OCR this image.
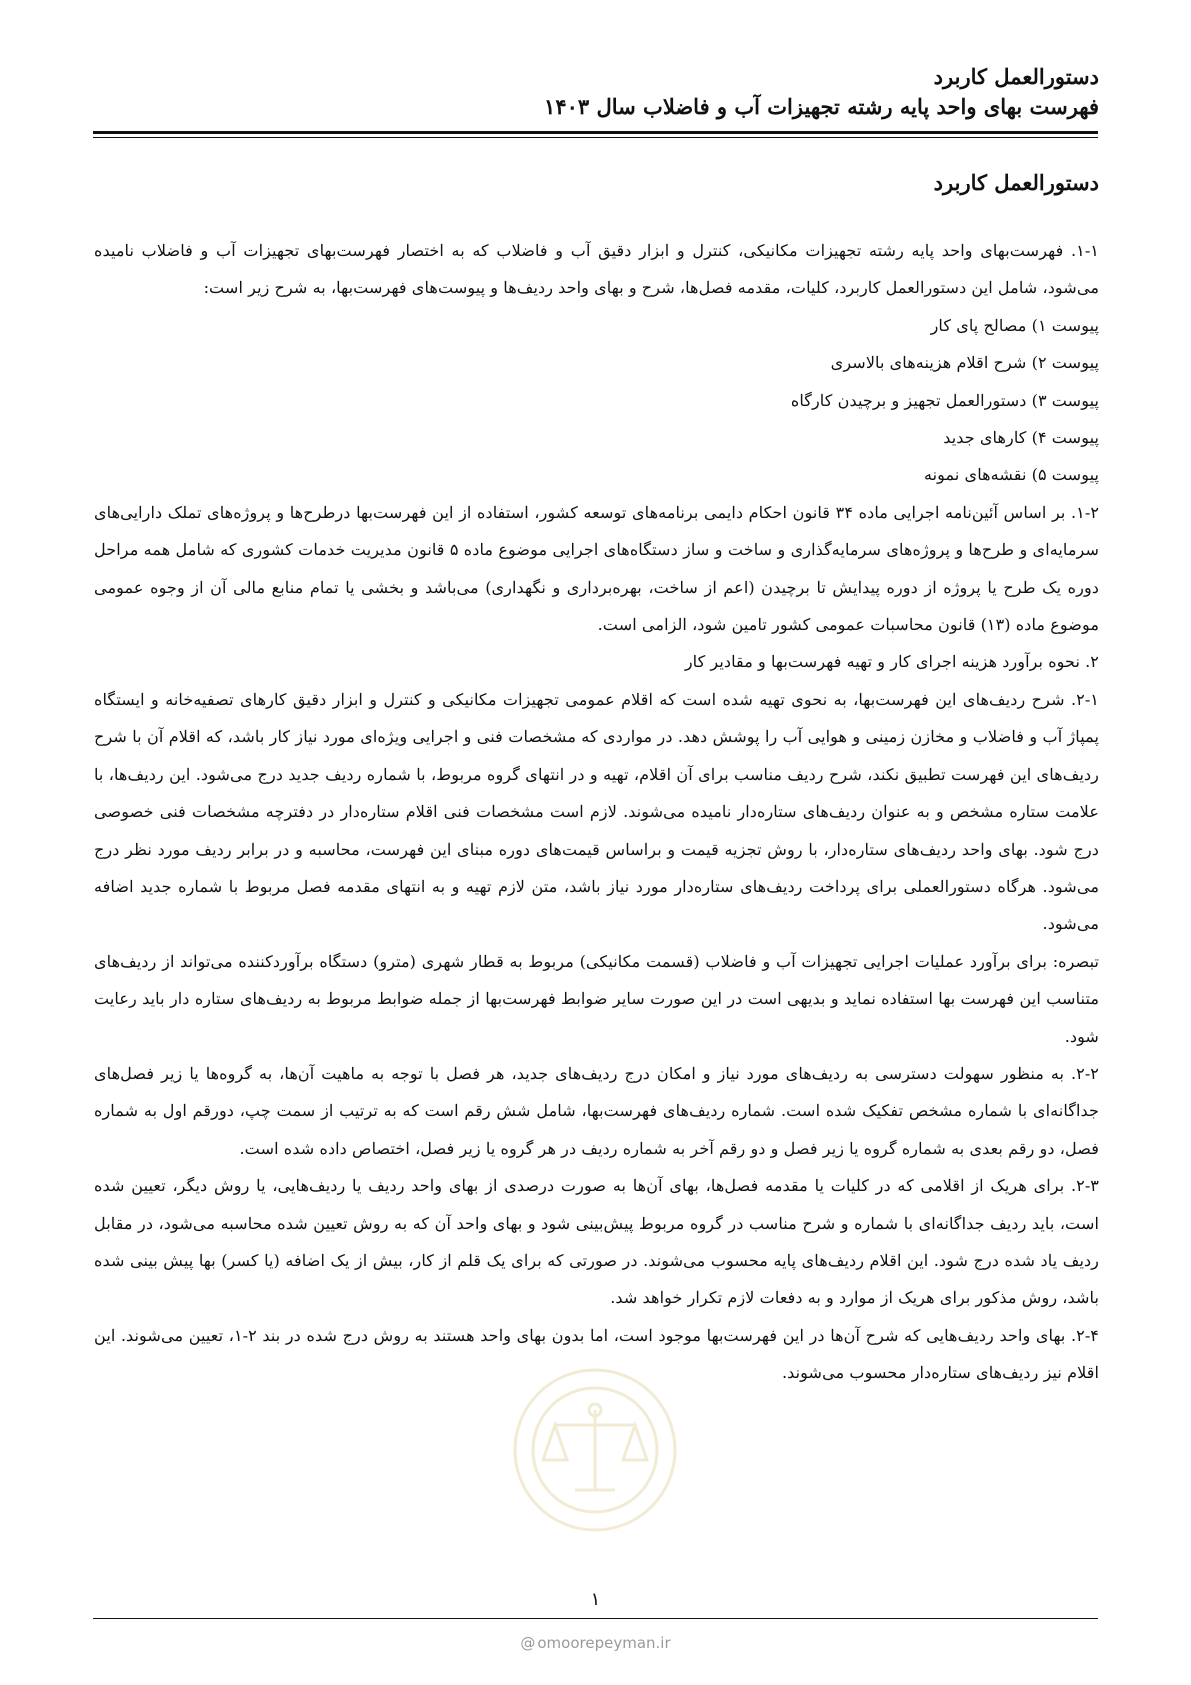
دستورالعمل کاربرد

فهرست بهای واحد پایه رشته تجهیزات آب و فاضلاب سال ۱۴۰۳

دستورالعمل کاربرد

۱-۱. فهرست‌بهای واحد پایه رشته تجهیزات مکانیکی، کنترل و ابزار دقیق آب و فاضلاب که به اختصار فهرست‌بهای تجهیزات آب و فاضلاب نامیده می‌شود، شامل این دستورالعمل کاربرد، کلیات، مقدمه فصل‌ها، شرح و بهای واحد ردیف‌ها و پیوست‌های فهرست‌بها، به شرح زیر است:

پیوست ۱) مصالح پای کار

پیوست ۲) شرح اقلام هزینه‌های بالاسری

پیوست ۳) دستورالعمل تجهیز و برچیدن کارگاه

پیوست ۴) کارهای جدید

پیوست ۵) نقشه‌های نمونه

۱-۲. بر اساس آئین‌نامه اجرایی ماده ۳۴ قانون احکام دایمی برنامه‌های توسعه کشور، استفاده از این فهرست‌بها درطرح‌ها و پروژه‌های تملک دارایی‌های سرمایه‌ای و طرح‌ها و پروژه‌های سرمایه‌گذاری و ساخت و ساز دستگاه‌های اجرایی موضوع ماده ۵ قانون مدیریت خدمات کشوری که شامل همه مراحل دوره یک طرح یا پروژه از دوره پیدایش تا برچیدن (اعم از ساخت، بهره‌برداری و نگهداری) می‌باشد و بخشی یا تمام منابع مالی آن از وجوه عمومی موضوع ماده (۱۳) قانون محاسبات عمومی کشور تامین شود، الزامی است.

۲. نحوه برآورد هزینه اجرای کار و تهیه فهرست‌بها و مقادیر کار

۲-۱. شرح ردیف‌های این فهرست‌بها، به نحوی تهیه شده است که اقلام عمومی تجهیزات مکانیکی و کنترل و ابزار دقیق کارهای تصفیه‌خانه و ایستگاه پمپاژ آب و فاضلاب و مخازن زمینی و هوایی آب را پوشش دهد. در مواردی که مشخصات فنی و اجرایی ویژه‌ای مورد نیاز کار باشد، که اقلام آن با شرح ردیف‌های این فهرست تطبیق نکند، شرح ردیف مناسب برای آن اقلام، تهیه و در انتهای گروه مربوط، با شماره ردیف جدید درج می‌شود. این ردیف‌ها، با علامت ستاره مشخص و به عنوان ردیف‌های ستاره‌دار نامیده می‌شوند. لازم است مشخصات فنی اقلام ستاره‌دار در دفترچه مشخصات فنی خصوصی درج شود. بهای واحد ردیف‌های ستاره‌دار، با روش تجزیه قیمت و براساس قیمت‌های دوره مبنای این فهرست، محاسبه و در برابر ردیف مورد نظر درج می‌شود. هرگاه دستورالعملی برای پرداخت ردیف‌های ستاره‌دار مورد نیاز باشد، متن لازم تهیه و به انتهای مقدمه فصل مربوط با شماره جدید اضافه می‌شود.

تبصره: برای برآورد عملیات اجرایی تجهیزات آب و فاضلاب (قسمت مکانیکی) مربوط به قطار شهری (مترو) دستگاه برآوردکننده می‌تواند از ردیف‌های متناسب این فهرست بها استفاده نماید و بدیهی است در این صورت سایر ضوابط فهرست‌بها از جمله ضوابط مربوط به ردیف‌های ستاره دار باید رعایت شود.

۲-۲. به منظور سهولت دسترسی به ردیف‌های مورد نیاز و امکان درج ردیف‌های جدید، هر فصل با توجه به ماهیت آن‌ها، به گروه‌ها یا زیر فصل‌های جداگانه‌ای با شماره مشخص تفکیک شده است. شماره ردیف‌های فهرست‌بها، شامل شش رقم است که به ترتیب از سمت چپ، دورقم اول به شماره فصل، دو رقم بعدی به شماره گروه یا زیر فصل و دو رقم آخر به شماره ردیف در هر گروه یا زیر فصل، اختصاص داده شده است.

۲-۳. برای هریک از اقلامی که در کلیات یا مقدمه فصل‌ها، بهای آن‌ها به صورت درصدی از بهای واحد ردیف یا ردیف‌هایی، یا روش دیگر، تعیین شده است، باید ردیف جداگانه‌ای با شماره و شرح مناسب در گروه مربوط پیش‌بینی شود و بهای واحد آن که به روش تعیین شده محاسبه می‌شود، در مقابل ردیف یاد شده درج شود. این اقلام ردیف‌های پایه محسوب می‌شوند. در صورتی که برای یک قلم از کار، بیش از یک اضافه (یا کسر) بها پیش بینی شده باشد، روش مذکور برای هریک از موارد و به دفعات لازم تکرار خواهد شد.

۲-۴. بهای واحد ردیف‌هایی که شرح آن‌ها در این فهرست‌بها موجود است، اما بدون بهای واحد هستند به روش درج شده در بند ۲-۱، تعیین می‌شوند. این اقلام نیز ردیف‌های ستاره‌دار محسوب می‌شوند.

۱

@ omoorepeyman.ir
